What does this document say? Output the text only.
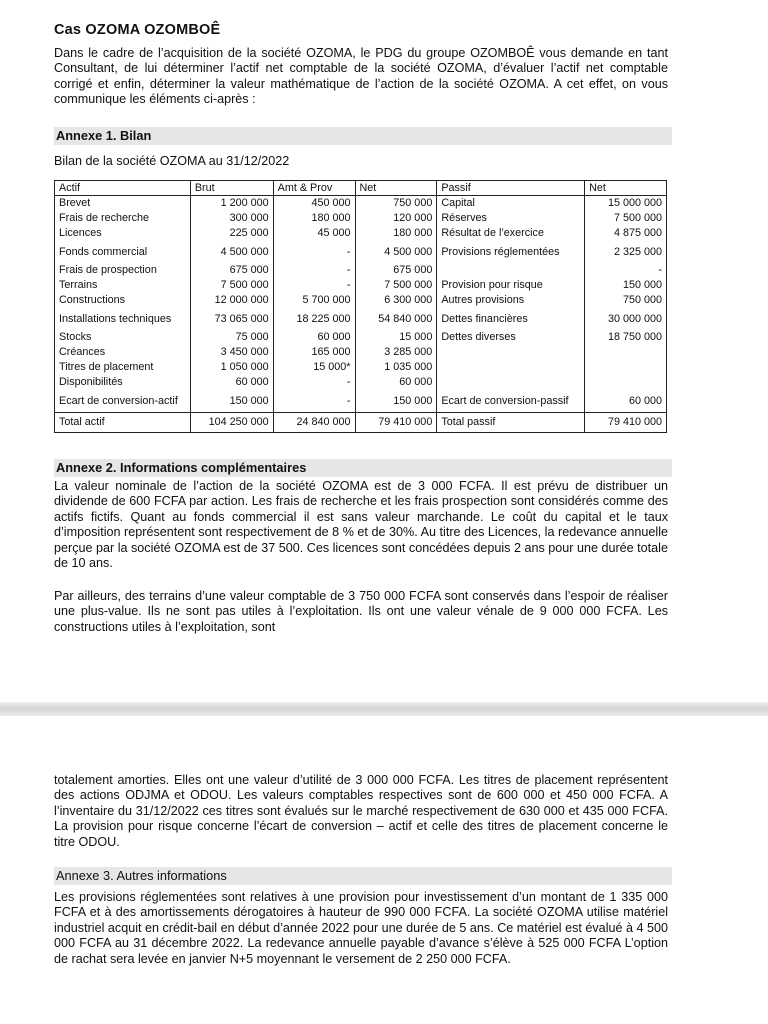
Cas OZOMA OZOMBOÊ

Dans le cadre de l’acquisition de la société OZOMA, le PDG du groupe OZOMBOÊ vous demande en tant Consultant, de lui déterminer l’actif net comptable de la société OZOMA, d’évaluer l’actif net comptable corrigé et enfin, déterminer la valeur mathématique de l’action de la société OZOMA. A cet effet, on vous communique les éléments ci-après :

Annexe 1. Bilan
Bilan de la société OZOMA au 31/12/2022
Actif	Brut	Amt & Prov	Net	Passif	Net
Brevet	1 200 000	450 000	750 000	Capital	15 000 000
Frais de recherche	300 000	180 000	120 000	Réserves	7 500 000
Licences	225 000	45 000	180 000	Résultat de l’exercice	4 875 000
Fonds commercial	4 500 000	-	4 500 000	Provisions réglementées	2 325 000
Frais de prospection	675 000	-	675 000		-
Terrains	7 500 000	-	7 500 000	Provision pour risque	150 000
Constructions	12 000 000	5 700 000	6 300 000	Autres provisions	750 000
Installations techniques	73 065 000	18 225 000	54 840 000	Dettes financières	30 000 000
Stocks	75 000	60 000	15 000	Dettes diverses	18 750 000
Créances	3 450 000	165 000	3 285 000		
Titres de placement	1 050 000	15 000*	1 035 000		
Disponibilités	60 000	-	60 000		
Ecart de conversion-actif	150 000	-	150 000	Ecart de conversion-passif	60 000
Total actif	104 250 000	24 840 000	79 410 000	Total passif	79 410 000
Annexe 2. Informations complémentaires

La valeur nominale de l’action de la société OZOMA est de 3 000 FCFA. Il est prévu de distribuer un dividende de 600 FCFA par action. Les frais de recherche et les frais prospection sont considérés comme des actifs fictifs. Quant au fonds commercial il est sans valeur marchande. Le coût du capital et le taux d’imposition représentent sont respectivement de 8 % et de 30%. Au titre des Licences, la redevance annuelle perçue par la société OZOMA est de 37 500. Ces licences sont concédées depuis 2 ans pour une durée totale de 10 ans.

Par ailleurs, des terrains d’une valeur comptable de 3 750 000 FCFA sont conservés dans l’espoir de réaliser une plus-value. Ils ne sont pas utiles à l’exploitation. Ils ont une valeur vénale de 9 000 000 FCFA. Les constructions utiles à l’exploitation, sont

totalement amorties. Elles ont une valeur d’utilité de 3 000 000 FCFA. Les titres de placement représentent des actions ODJMA et ODOU. Les valeurs comptables respectives sont de 600 000 et 450 000 FCFA. A l’inventaire du 31/12/2022 ces titres sont évalués sur le marché respectivement de 630 000 et 435 000 FCFA. La provision pour risque concerne l’écart de conversion – actif et celle des titres de placement concerne le titre ODOU.

Annexe 3. Autres informations

Les provisions réglementées sont relatives à une provision pour investissement d’un montant de 1 335 000 FCFA et à des amortissements dérogatoires à hauteur de 990 000 FCFA. La société OZOMA utilise matériel industriel acquit en crédit-bail en début d’année 2022 pour une durée de 5 ans. Ce matériel est évalué à 4 500 000 FCFA au 31 décembre 2022. La redevance annuelle payable d’avance s’élève à 525 000 FCFA L’option de rachat sera levée en janvier N+5 moyennant le versement de 2 250 000 FCFA.
